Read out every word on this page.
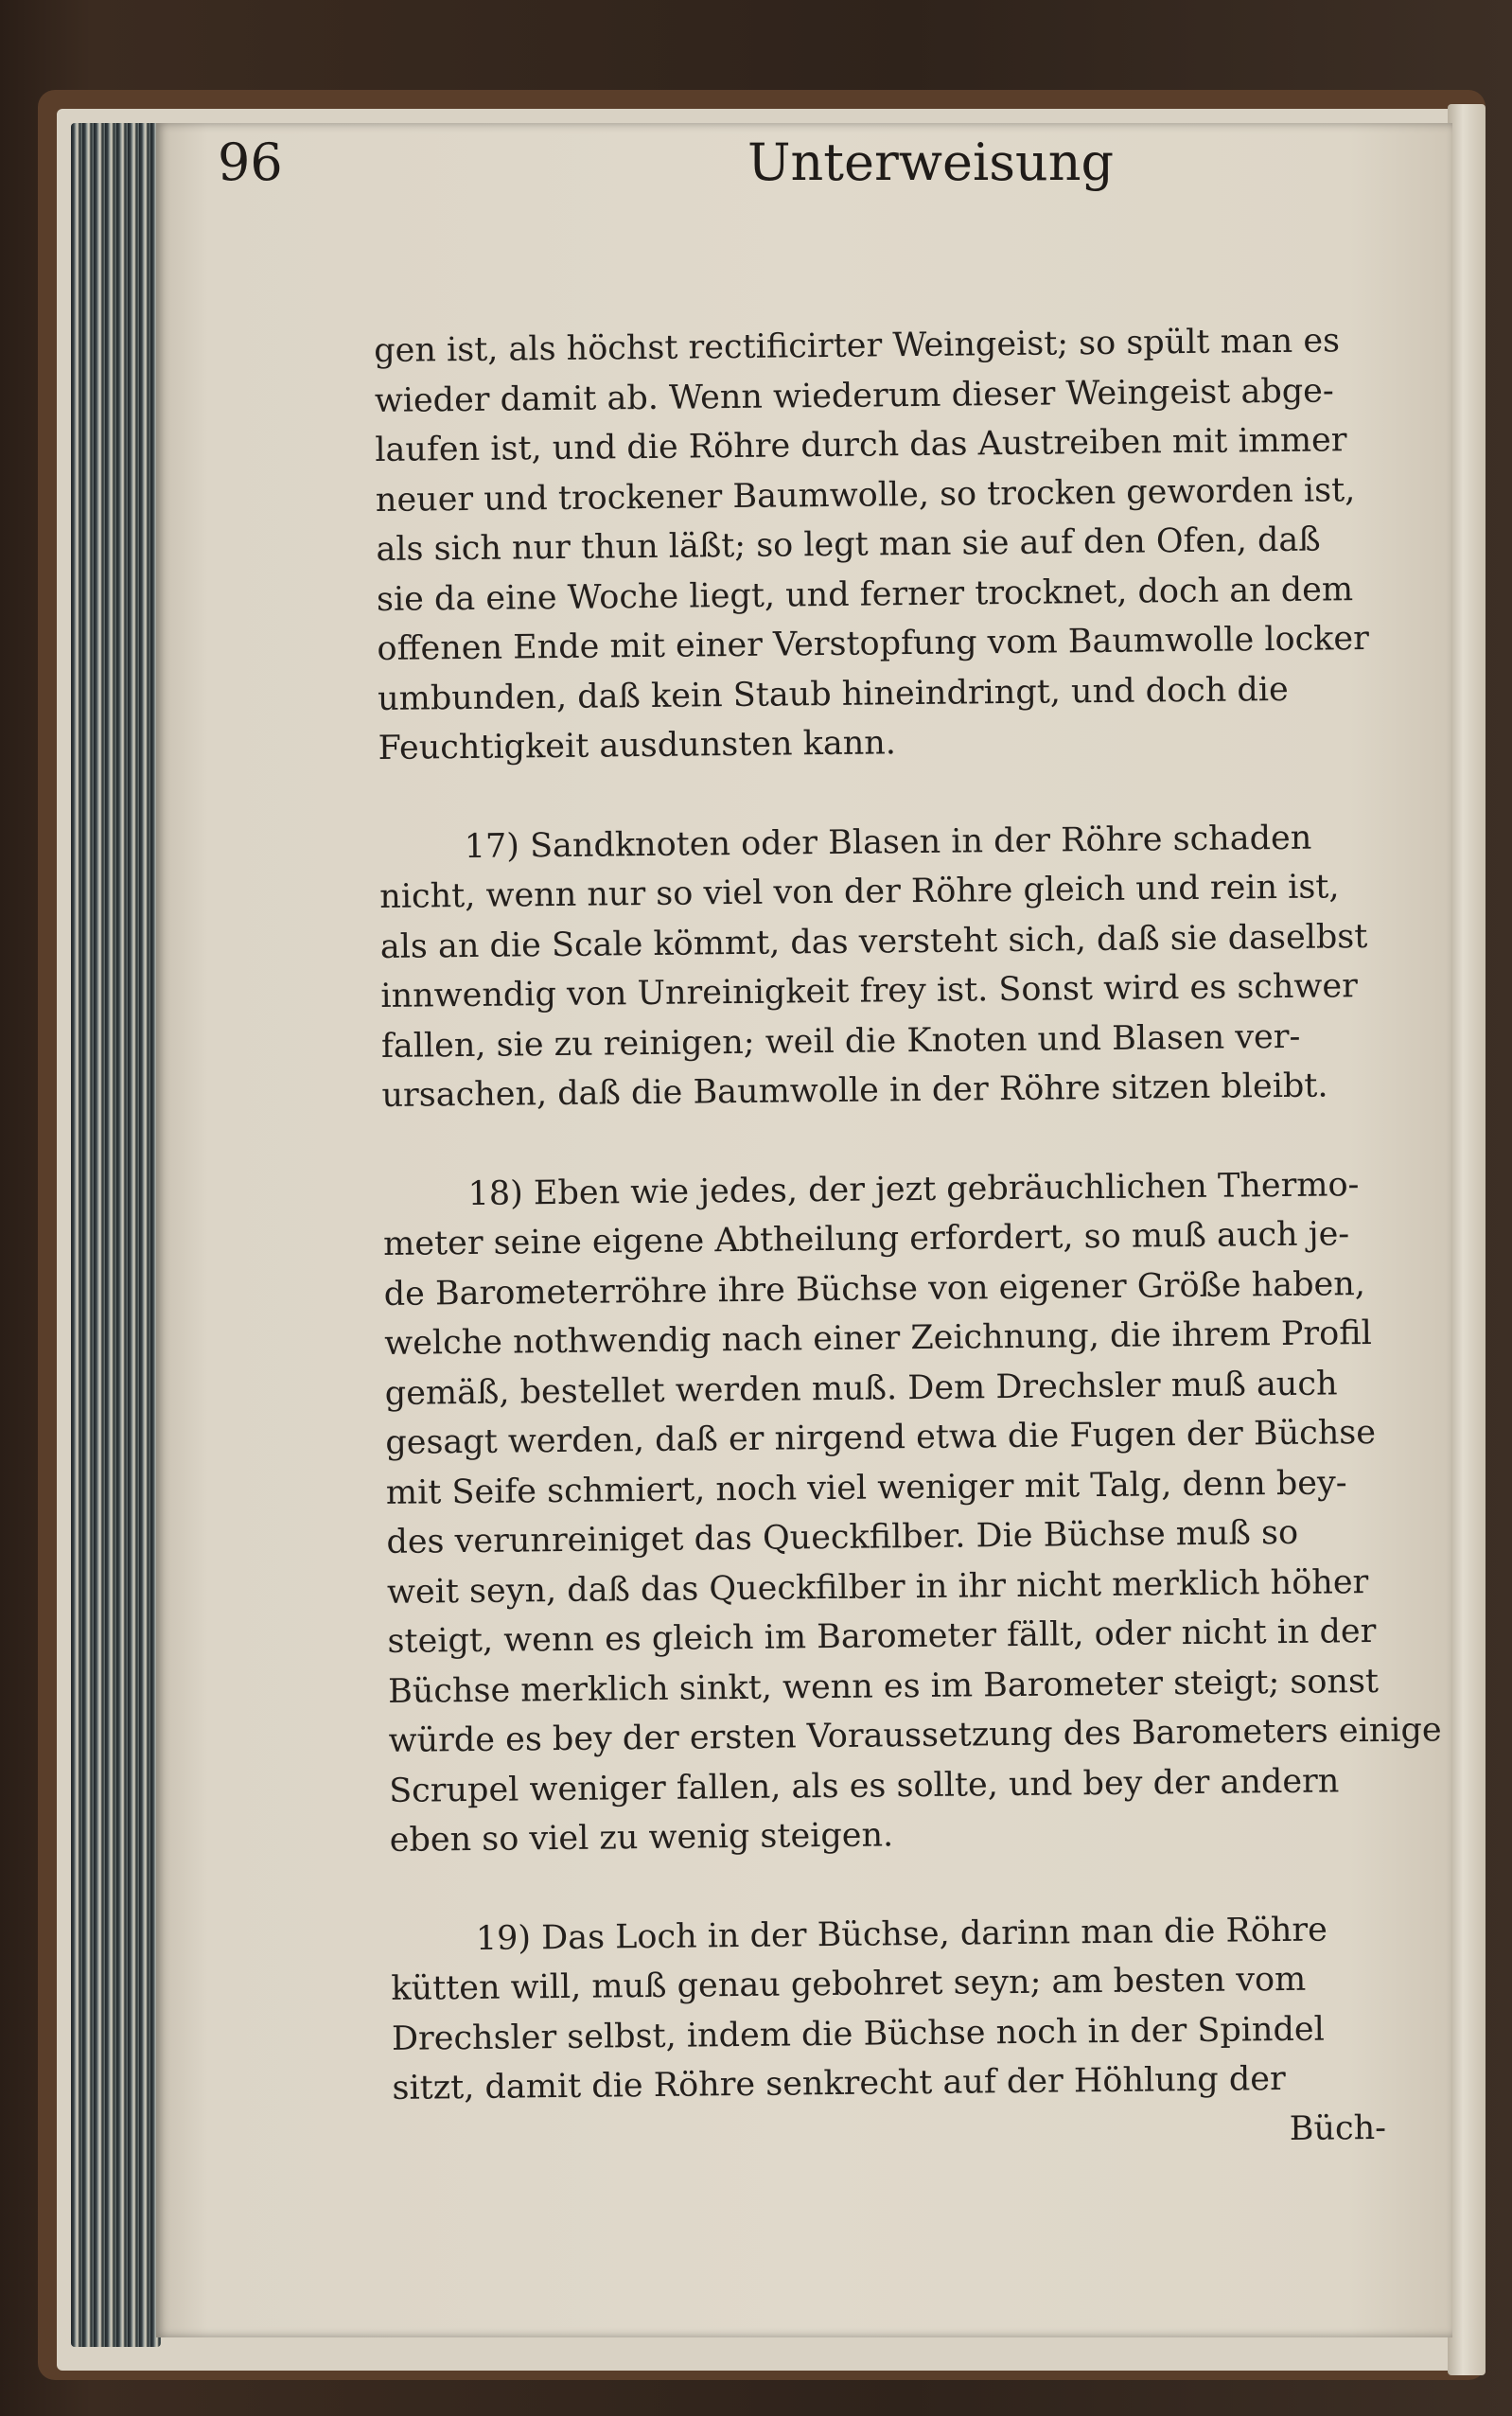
96	Unterweisung
gen ist, als höchst rectificirter Weingeist; so spült man es
wieder damit ab. Wenn wiederum dieser Weingeist abge-
laufen ist, und die Röhre durch das Austreiben mit immer
neuer und trockener Baumwolle, so trocken geworden ist,
als sich nur thun läßt; so legt man sie auf den Ofen, daß
sie da eine Woche liegt, und ferner trocknet, doch an dem
offenen Ende mit einer Verstopfung vom Baumwolle locker
umbunden, daß kein Staub hineindringt, und doch die
Feuchtigkeit ausdunsten kann.
17) Sandknoten oder Blasen in der Röhre schaden
nicht, wenn nur so viel von der Röhre gleich und rein ist,
als an die Scale kömmt, das versteht sich, daß sie daselbst
innwendig von Unreinigkeit frey ist. Sonst wird es schwer
fallen, sie zu reinigen; weil die Knoten und Blasen ver-
ursachen, daß die Baumwolle in der Röhre sitzen bleibt.
18) Eben wie jedes, der jezt gebräuchlichen Thermo-
meter seine eigene Abtheilung erfordert, so muß auch je-
de Barometerröhre ihre Büchse von eigener Größe haben,
welche nothwendig nach einer Zeichnung, die ihrem Profil
gemäß, bestellet werden muß. Dem Drechsler muß auch
gesagt werden, daß er nirgend etwa die Fugen der Büchse
mit Seife schmiert, noch viel weniger mit Talg, denn bey-
des verunreiniget das Queckfilber. Die Büchse muß so
weit seyn, daß das Queckfilber in ihr nicht merklich höher
steigt, wenn es gleich im Barometer fällt, oder nicht in der
Büchse merklich sinkt, wenn es im Barometer steigt; sonst
würde es bey der ersten Voraussetzung des Barometers einige
Scrupel weniger fallen, als es sollte, und bey der andern
eben so viel zu wenig steigen.
19) Das Loch in der Büchse, darinn man die Röhre
kütten will, muß genau gebohret seyn; am besten vom
Drechsler selbst, indem die Büchse noch in der Spindel
sitzt, damit die Röhre senkrecht auf der Höhlung der
Büch-
